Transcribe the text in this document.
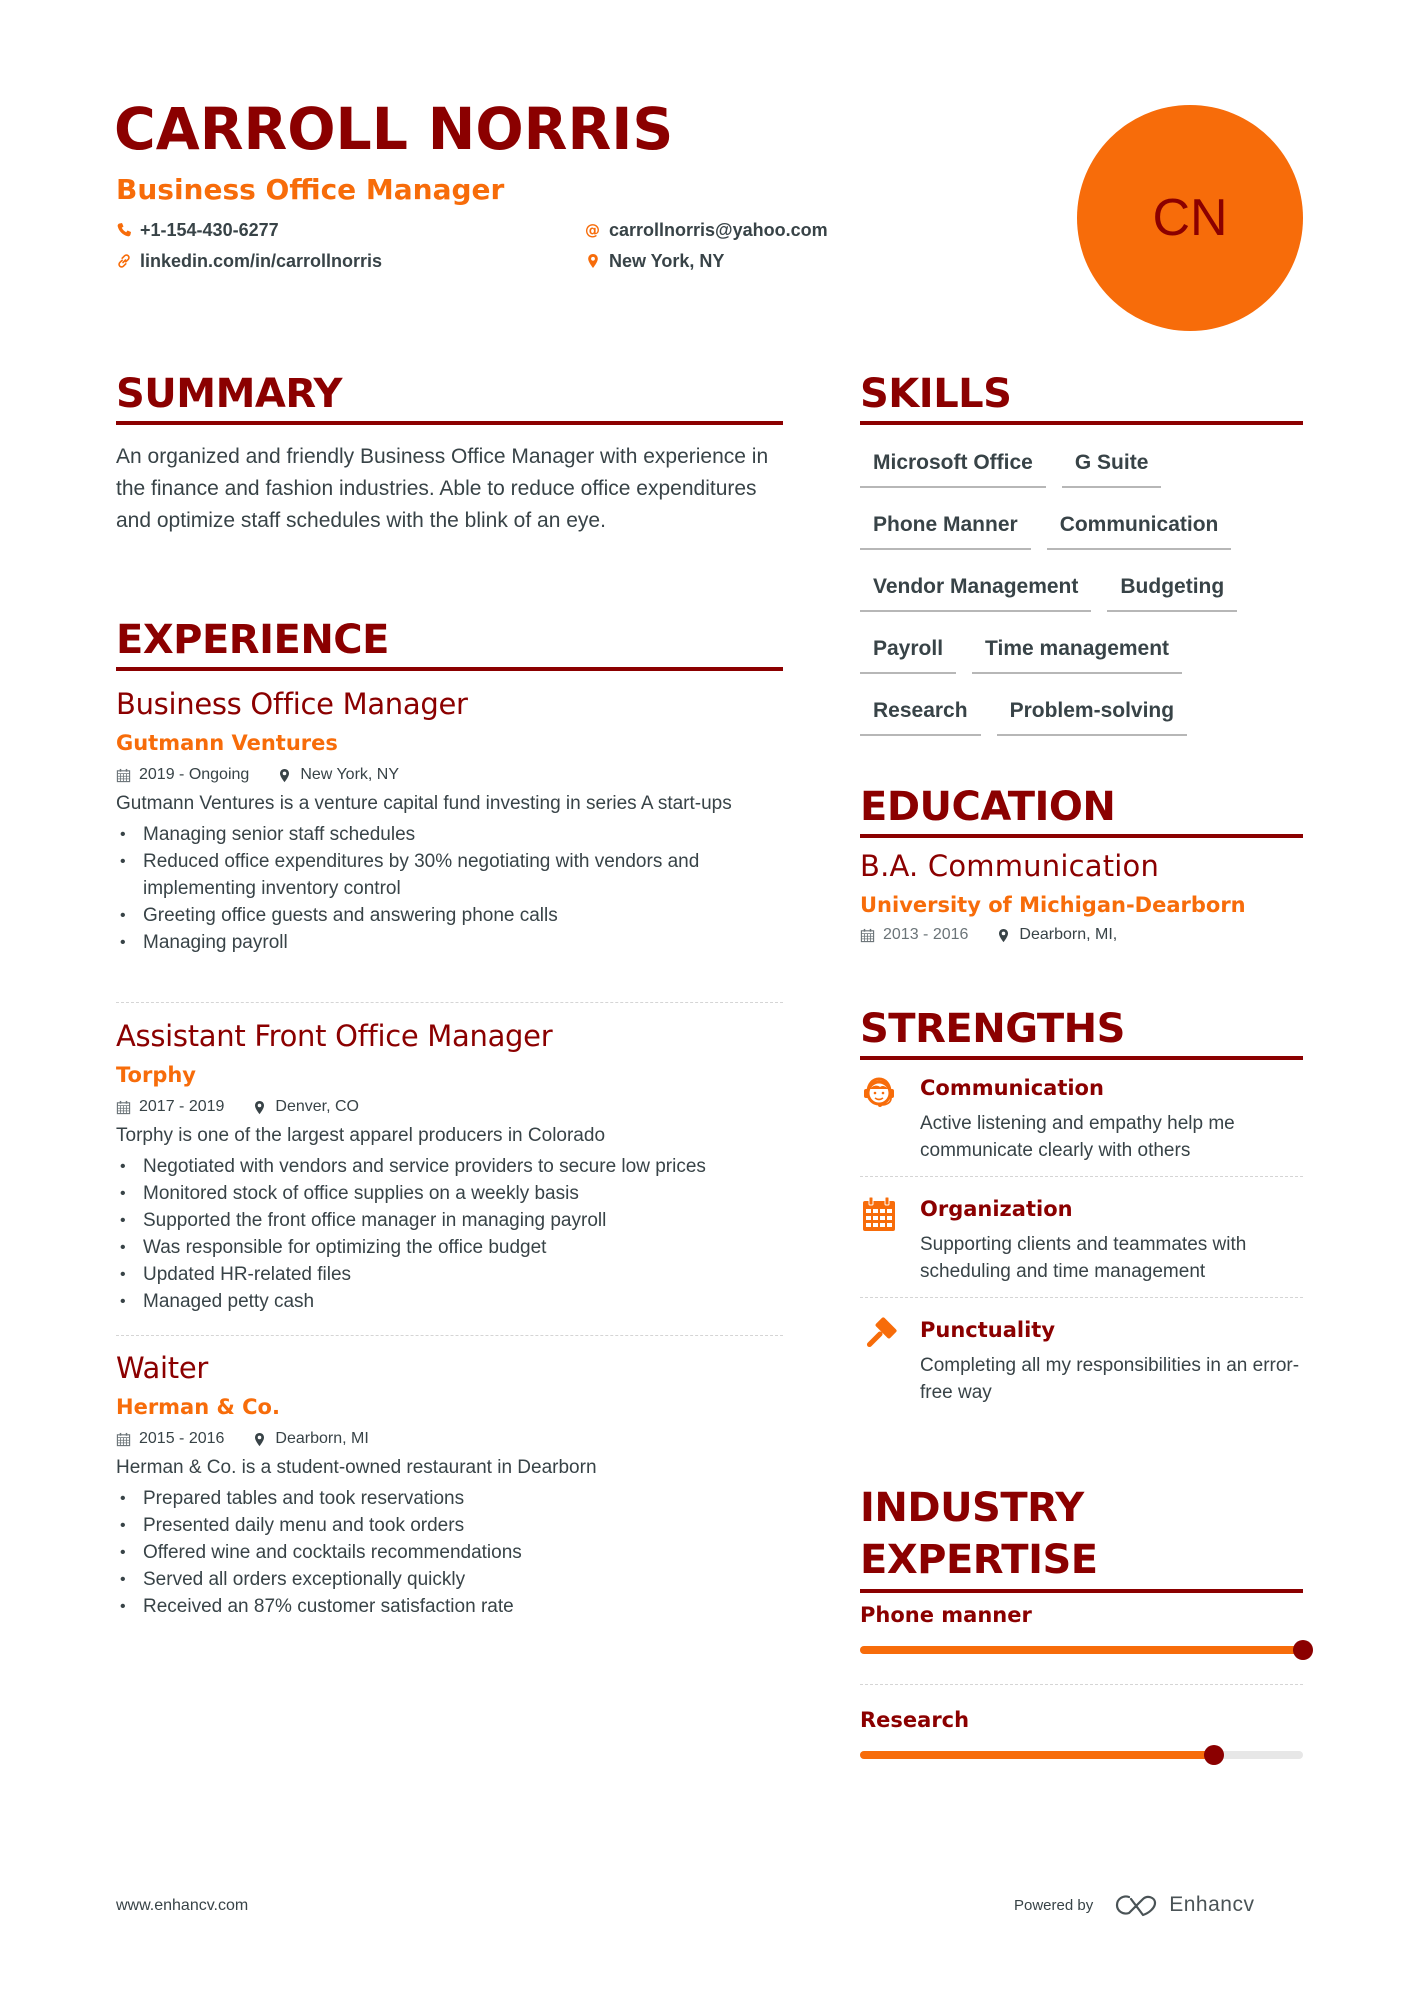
CARROLL NORRIS
Business Office Manager
+1-154-430-6277
linkedin.com/in/carrollnorris
@ carrollnorris@yahoo.com
New York, NY
CN
SUMMARY
An organized and friendly Business Office Manager with experience in the finance and fashion industries. Able to reduce office expenditures and optimize staff schedules with the blink of an eye.
EXPERIENCE
Business Office Manager
Gutmann Ventures
2019 - Ongoing	New York, NY
Gutmann Ventures is a venture capital fund investing in series A start-ups
• Managing senior staff schedules
• Reduced office expenditures by 30% negotiating with vendors and implementing inventory control
• Greeting office guests and answering phone calls
• Managing payroll
Assistant Front Office Manager
Torphy
2017 - 2019	Denver, CO
Torphy is one of the largest apparel producers in Colorado
• Negotiated with vendors and service providers to secure low prices
• Monitored stock of office supplies on a weekly basis
• Supported the front office manager in managing payroll
• Was responsible for optimizing the office budget
• Updated HR-related files
• Managed petty cash
Waiter
Herman & Co.
2015 - 2016	Dearborn, MI
Herman & Co. is a student-owned restaurant in Dearborn
• Prepared tables and took reservations
• Presented daily menu and took orders
• Offered wine and cocktails recommendations
• Served all orders exceptionally quickly
• Received an 87% customer satisfaction rate
SKILLS
Microsoft Office	G Suite
Phone Manner	Communication
Vendor Management	Budgeting
Payroll	Time management
Research	Problem-solving
EDUCATION
B.A. Communication
University of Michigan-Dearborn
2013 - 2016	Dearborn, MI,
STRENGTHS
Communication
Active listening and empathy help me communicate clearly with others
Organization
Supporting clients and teammates with scheduling and time management
Punctuality
Completing all my responsibilities in an error-free way
INDUSTRY
EXPERTISE
Phone manner
Research
www.enhancv.com	Powered by	Enhancv
